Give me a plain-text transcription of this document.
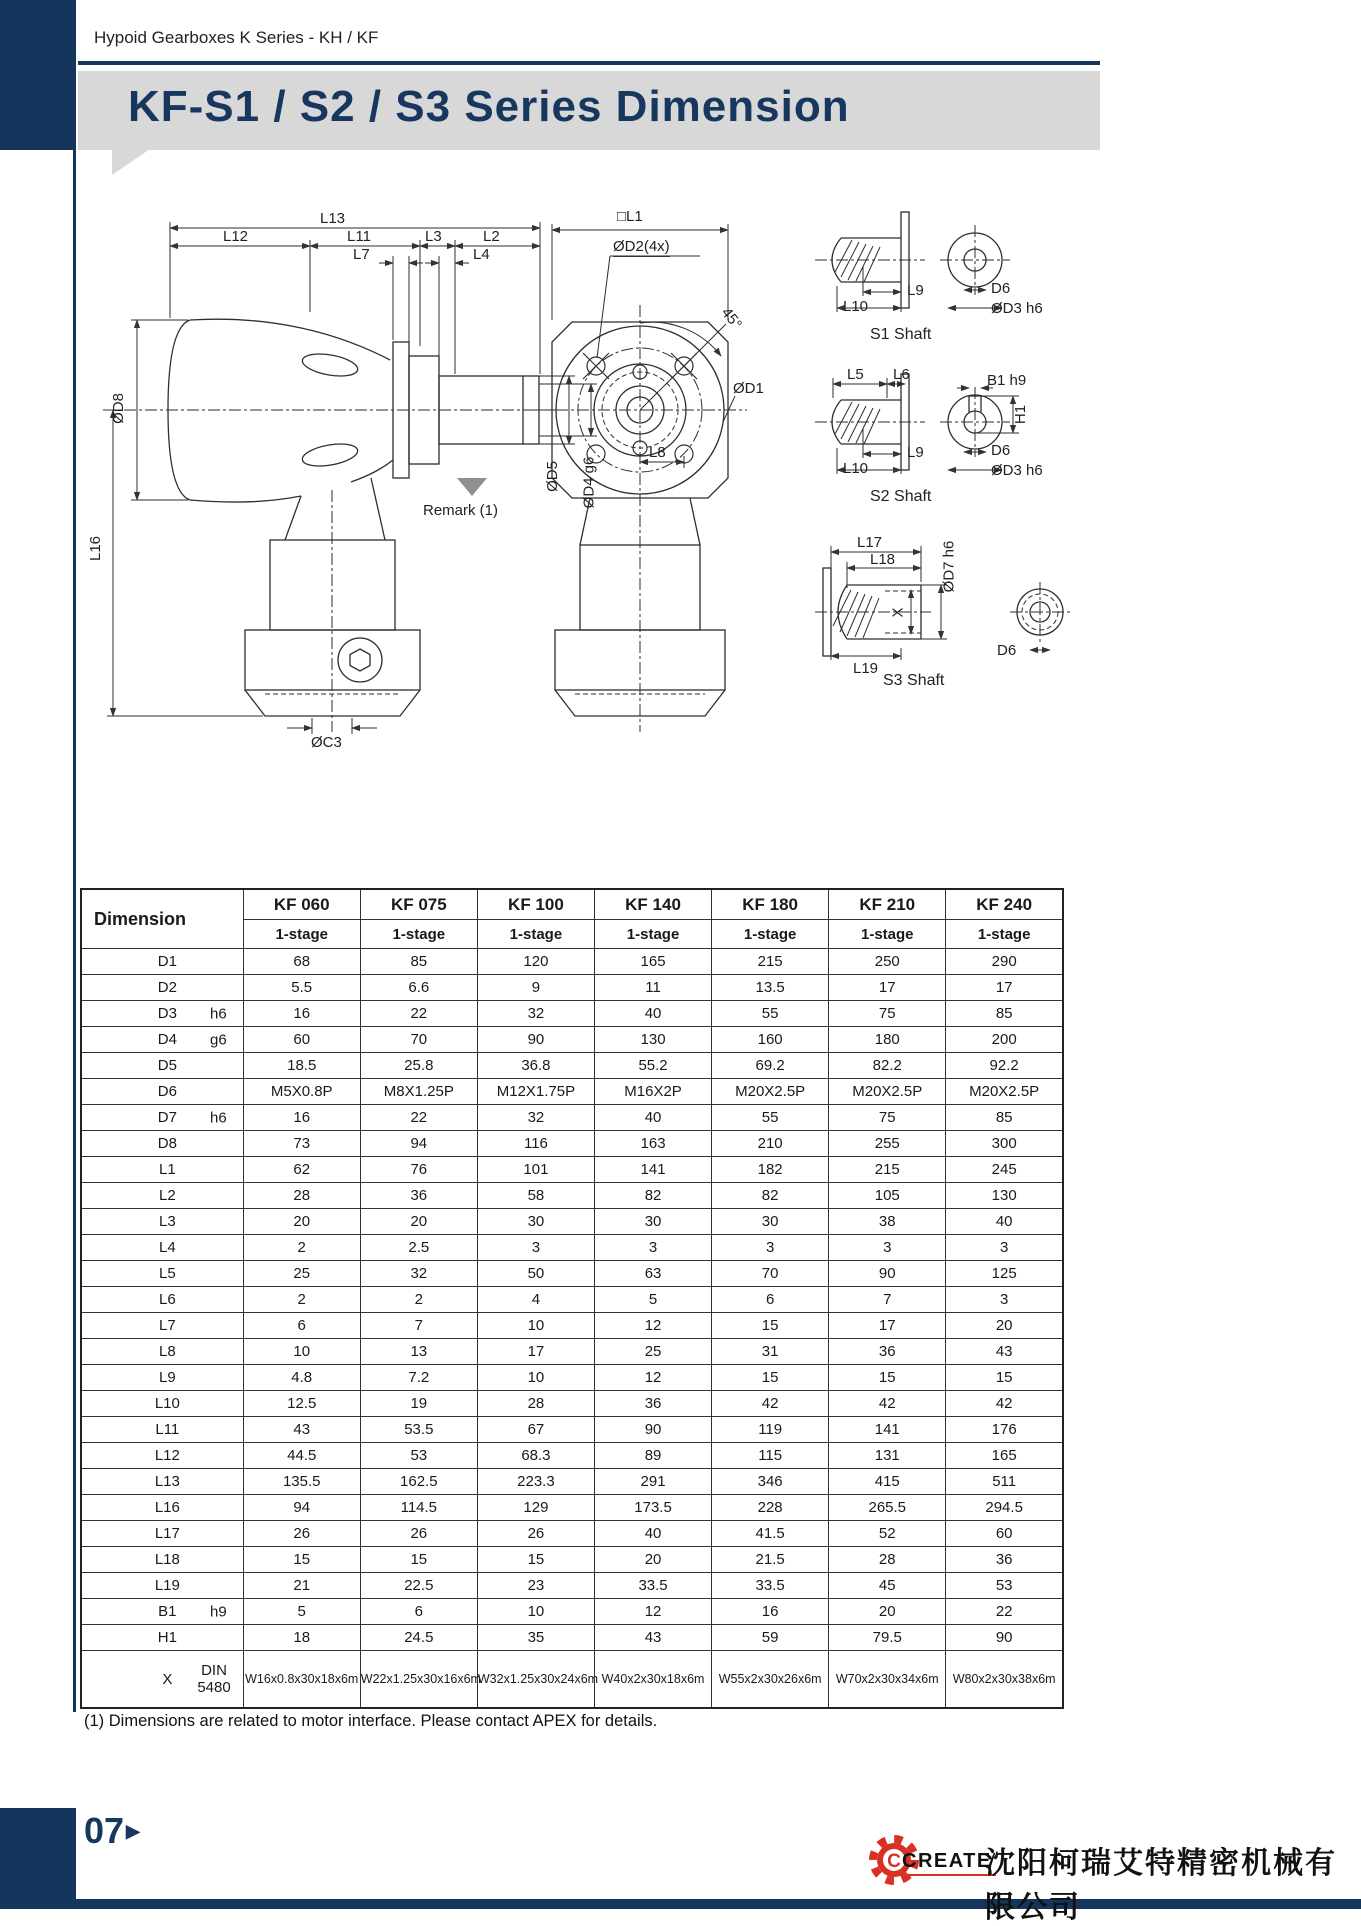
Hypoid Gearboxes K Series - KH / KF
KF-S1 / S2 / S3 Series Dimension
L13
L12	L11	L3	L2
L7	L4
ØD8
L16
ØD5 ØD4 g6
Remark (1)
ØC3
□L1
ØD2(4x)
45°
ØD1
L8
L9
L10
D6
ØD3 h6
S1 Shaft
L5 L6	B1 h9
H1
L9
L10
D6
ØD3 h6
S2 Shaft
L17
L18	ØD7 h6
X
L19
D6
S3 Shaft
Dimension	KF 060	KF 075	KF 100	KF 140	KF 180	KF 210	KF 240
	1-stage	1-stage	1-stage	1-stage	1-stage	1-stage	1-stage
D1	68	85	120	165	215	250	290
D2	5.5	6.6	9	11	13.5	17	17
D3 h6	16	22	32	40	55	75	85
D4 g6	60	70	90	130	160	180	200
D5	18.5	25.8	36.8	55.2	69.2	82.2	92.2
D6	M5X0.8P	M8X1.25P	M12X1.75P	M16X2P	M20X2.5P	M20X2.5P	M20X2.5P
D7 h6	16	22	32	40	55	75	85
D8	73	94	116	163	210	255	300
L1	62	76	101	141	182	215	245
L2	28	36	58	82	82	105	130
L3	20	20	30	30	30	38	40
L4	2	2.5	3	3	3	3	3
L5	25	32	50	63	70	90	125
L6	2	2	4	5	6	7	3
L7	6	7	10	12	15	17	20
L8	10	13	17	25	31	36	43
L9	4.8	7.2	10	12	15	15	15
L10	12.5	19	28	36	42	42	42
L11	43	53.5	67	90	119	141	176
L12	44.5	53	68.3	89	115	131	165
L13	135.5	162.5	223.3	291	346	415	511
L16	94	114.5	129	173.5	228	265.5	294.5
L17	26	26	26	40	41.5	52	60
L18	15	15	15	20	21.5	28	36
L19	21	22.5	23	33.5	33.5	45	53
B1 h9	5	6	10	12	16	20	22
H1	18	24.5	35	43	59	79.5	90
X
DIN 5480	W16x0.8x30x18x6m	W22x1.25x30x16x6m	W32x1.25x30x24x6m	W40x2x30x18x6m	W55x2x30x26x6m	W70x2x30x34x6m	W80x2x30x38x6m
(1) Dimensions are related to motor interface. Please contact APEX for details.
07 ▶
C CREATE
沈阳柯瑞艾特精密机械有限公司
